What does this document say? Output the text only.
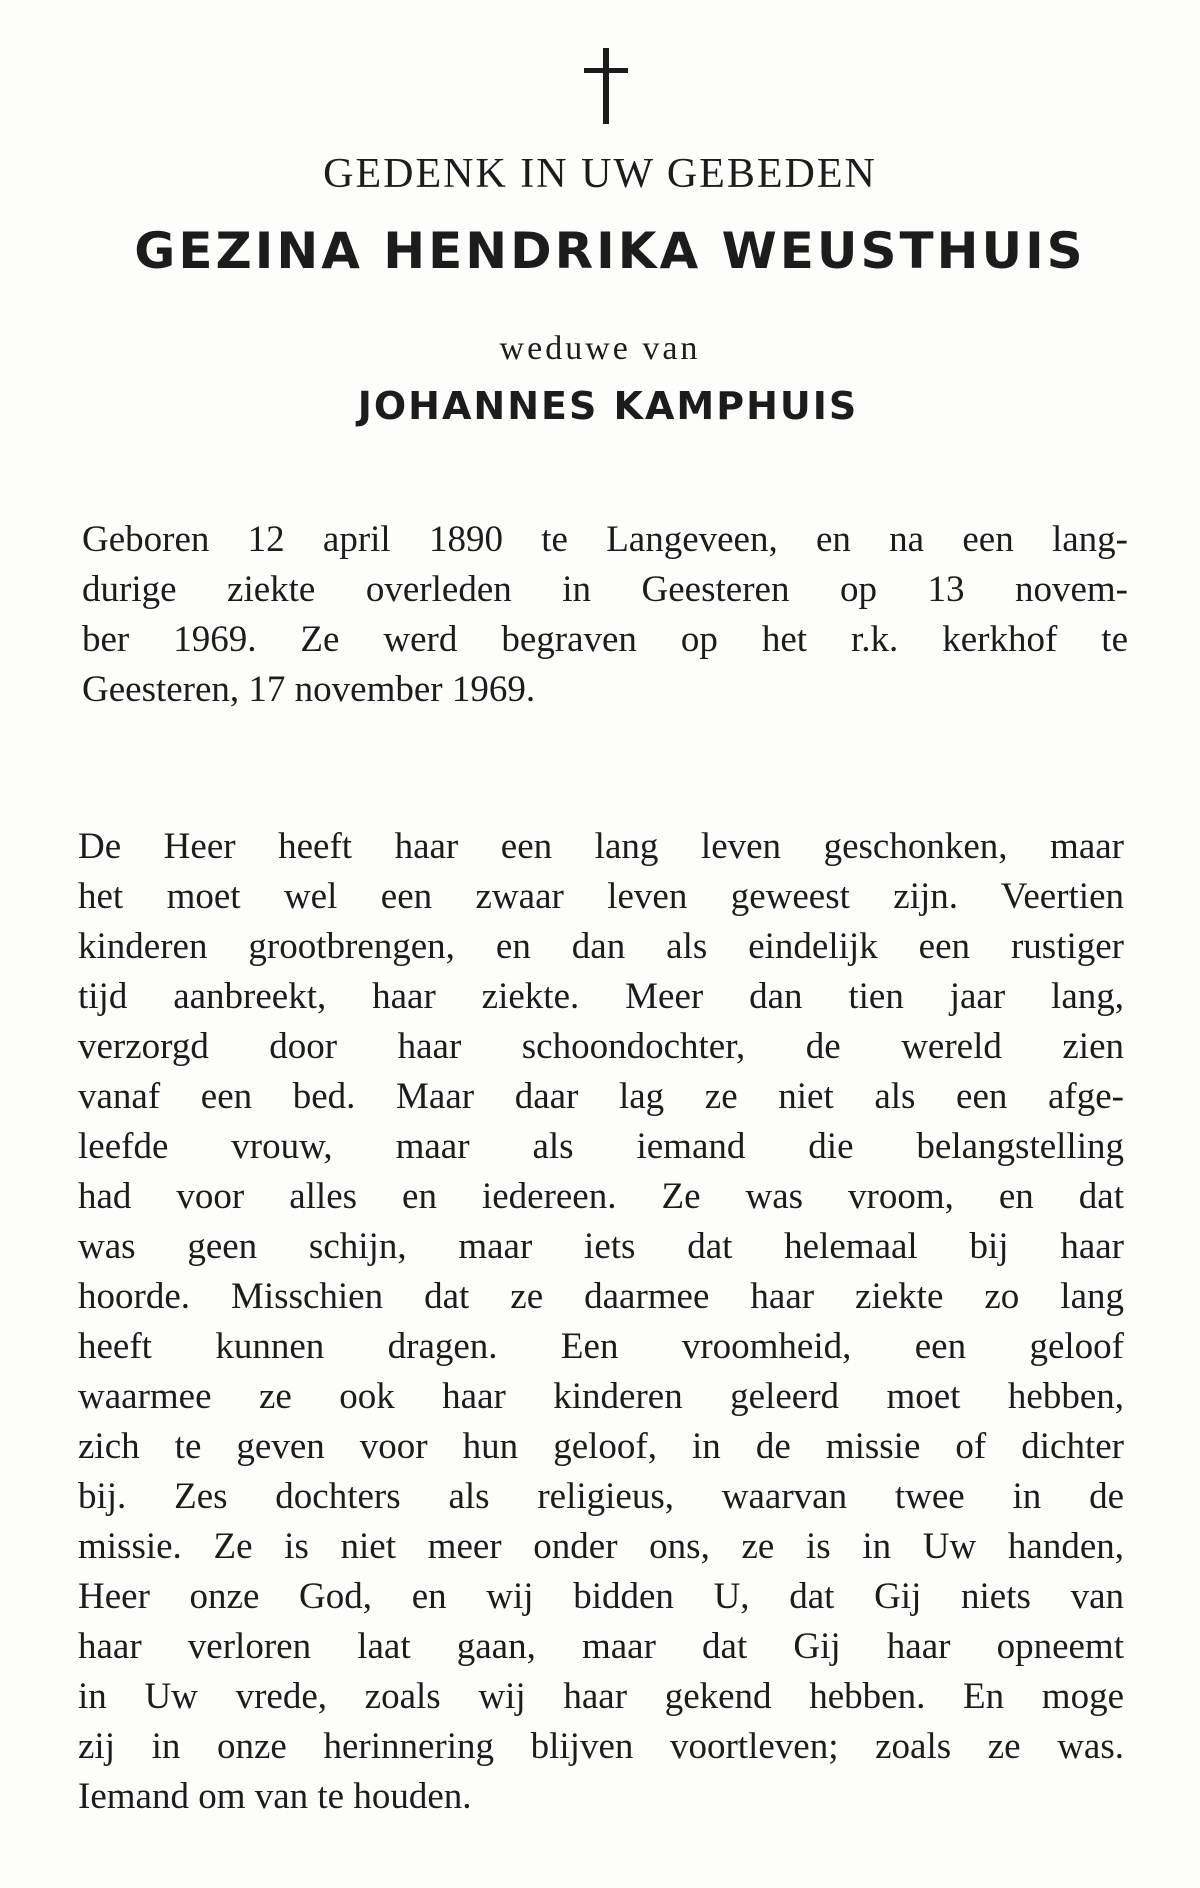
GEDENK IN UW GEBEDEN
GEZINA HENDRIKA WEUSTHUIS
weduwe van
JOHANNES KAMPHUIS
Geboren 12 april 1890 te Langeveen, en na een lang-
durige ziekte overleden in Geesteren op 13 novem-
ber 1969. Ze werd begraven op het r.k. kerkhof te
Geesteren, 17 november 1969.
De Heer heeft haar een lang leven geschonken, maar
het moet wel een zwaar leven geweest zijn. Veertien
kinderen grootbrengen, en dan als eindelijk een rustiger
tijd aanbreekt, haar ziekte. Meer dan tien jaar lang,
verzorgd door haar schoondochter, de wereld zien
vanaf een bed. Maar daar lag ze niet als een afge-
leefde vrouw, maar als iemand die belangstelling
had voor alles en iedereen. Ze was vroom, en dat
was geen schijn, maar iets dat helemaal bij haar
hoorde. Misschien dat ze daarmee haar ziekte zo lang
heeft kunnen dragen. Een vroomheid, een geloof
waarmee ze ook haar kinderen geleerd moet hebben,
zich te geven voor hun geloof, in de missie of dichter
bij. Zes dochters als religieus, waarvan twee in de
missie. Ze is niet meer onder ons, ze is in Uw handen,
Heer onze God, en wij bidden U, dat Gij niets van
haar verloren laat gaan, maar dat Gij haar opneemt
in Uw vrede, zoals wij haar gekend hebben. En moge
zij in onze herinnering blijven voortleven; zoals ze was.
Iemand om van te houden.
